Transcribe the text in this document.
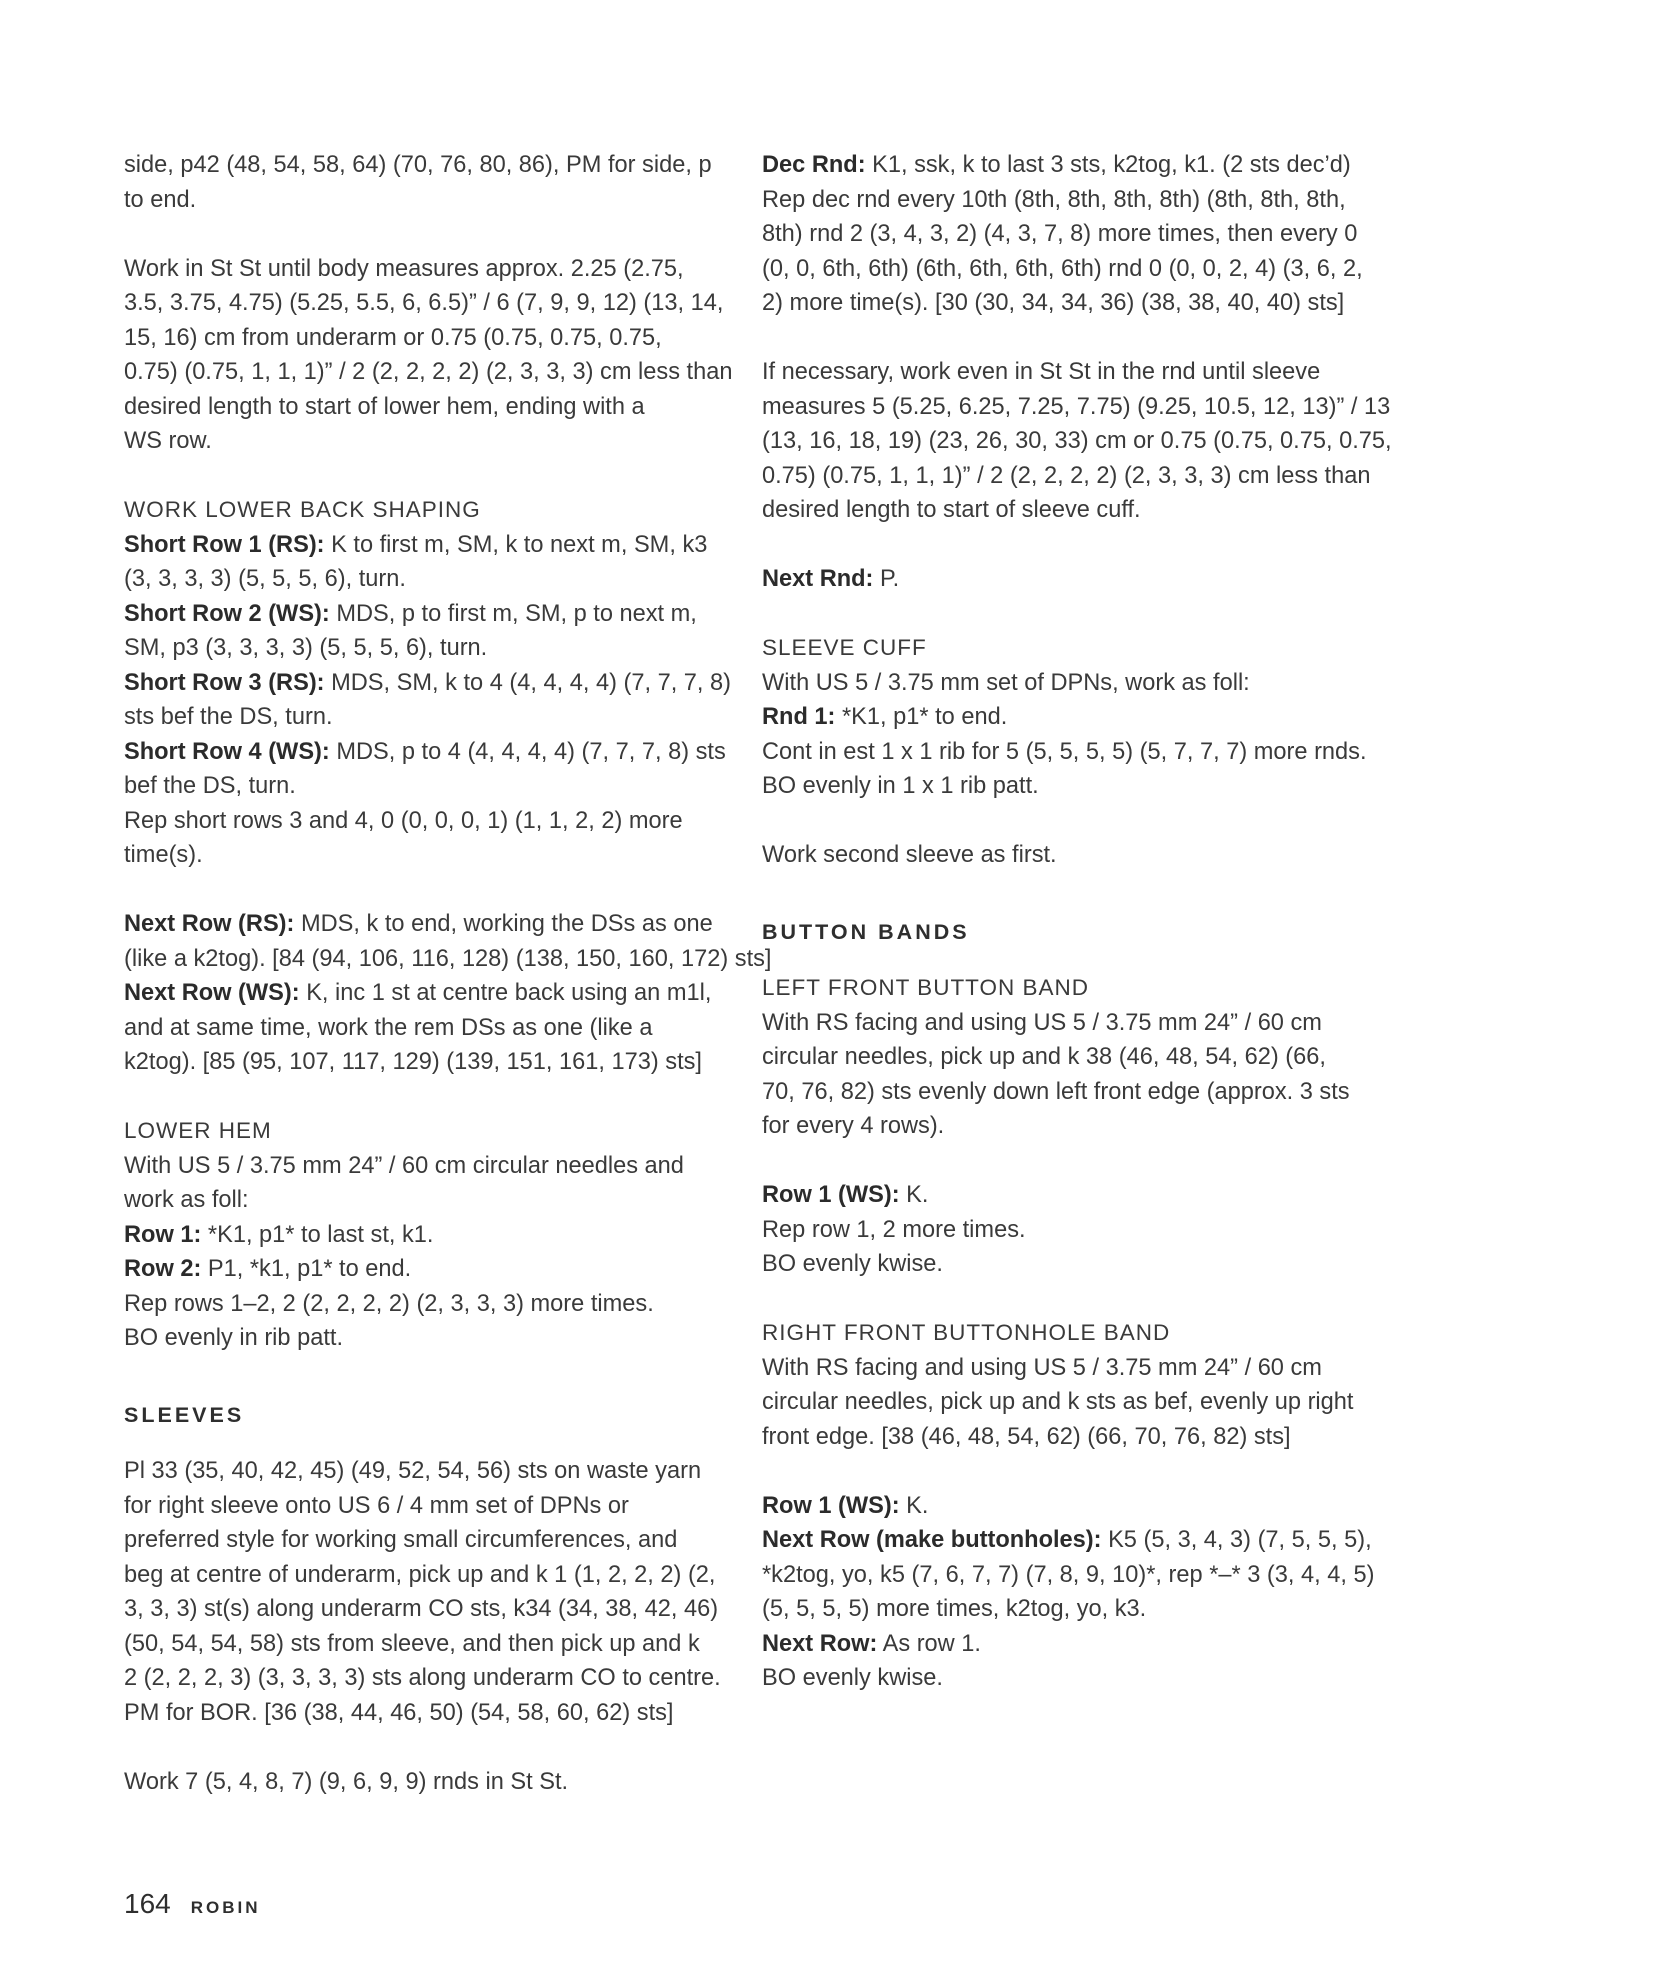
side, p42 (48, 54, 58, 64) (70, 76, 80, 86), PM for side, p
to end.
Work in St St until body measures approx. 2.25 (2.75,
3.5, 3.75, 4.75) (5.25, 5.5, 6, 6.5)” / 6 (7, 9, 9, 12) (13, 14,
15, 16) cm from underarm or 0.75 (0.75, 0.75, 0.75,
0.75) (0.75, 1, 1, 1)” / 2 (2, 2, 2, 2) (2, 3, 3, 3) cm less than
desired length to start of lower hem, ending with a
WS row.
WORK LOWER BACK SHAPING
Short Row 1 (RS): K to first m, SM, k to next m, SM, k3
(3, 3, 3, 3) (5, 5, 5, 6), turn.
Short Row 2 (WS): MDS, p to first m, SM, p to next m,
SM, p3 (3, 3, 3, 3) (5, 5, 5, 6), turn.
Short Row 3 (RS): MDS, SM, k to 4 (4, 4, 4, 4) (7, 7, 7, 8)
sts bef the DS, turn.
Short Row 4 (WS): MDS, p to 4 (4, 4, 4, 4) (7, 7, 7, 8) sts
bef the DS, turn.
Rep short rows 3 and 4, 0 (0, 0, 0, 1) (1, 1, 2, 2) more
time(s).
Next Row (RS): MDS, k to end, working the DSs as one
(like a k2tog). [84 (94, 106, 116, 128) (138, 150, 160, 172) sts]
Next Row (WS): K, inc 1 st at centre back using an m1l,
and at same time, work the rem DSs as one (like a
k2tog). [85 (95, 107, 117, 129) (139, 151, 161, 173) sts]
LOWER HEM
With US 5 / 3.75 mm 24” / 60 cm circular needles and
work as foll:
Row 1: *K1, p1* to last st, k1.
Row 2: P1, *k1, p1* to end.
Rep rows 1–2, 2 (2, 2, 2, 2) (2, 3, 3, 3) more times.
BO evenly in rib patt.
SLEEVES
Pl 33 (35, 40, 42, 45) (49, 52, 54, 56) sts on waste yarn
for right sleeve onto US 6 / 4 mm set of DPNs or
preferred style for working small circumferences, and
beg at centre of underarm, pick up and k 1 (1, 2, 2, 2) (2,
3, 3, 3) st(s) along underarm CO sts, k34 (34, 38, 42, 46)
(50, 54, 54, 58) sts from sleeve, and then pick up and k
2 (2, 2, 2, 3) (3, 3, 3, 3) sts along underarm CO to centre.
PM for BOR. [36 (38, 44, 46, 50) (54, 58, 60, 62) sts]
Work 7 (5, 4, 8, 7) (9, 6, 9, 9) rnds in St St.
Dec Rnd: K1, ssk, k to last 3 sts, k2tog, k1. (2 sts dec’d)
Rep dec rnd every 10th (8th, 8th, 8th, 8th) (8th, 8th, 8th,
8th) rnd 2 (3, 4, 3, 2) (4, 3, 7, 8) more times, then every 0
(0, 0, 6th, 6th) (6th, 6th, 6th, 6th) rnd 0 (0, 0, 2, 4) (3, 6, 2,
2) more time(s). [30 (30, 34, 34, 36) (38, 38, 40, 40) sts]
If necessary, work even in St St in the rnd until sleeve
measures 5 (5.25, 6.25, 7.25, 7.75) (9.25, 10.5, 12, 13)” / 13
(13, 16, 18, 19) (23, 26, 30, 33) cm or 0.75 (0.75, 0.75, 0.75,
0.75) (0.75, 1, 1, 1)” / 2 (2, 2, 2, 2) (2, 3, 3, 3) cm less than
desired length to start of sleeve cuff.
Next Rnd: P.
SLEEVE CUFF
With US 5 / 3.75 mm set of DPNs, work as foll:
Rnd 1: *K1, p1* to end.
Cont in est 1 x 1 rib for 5 (5, 5, 5, 5) (5, 7, 7, 7) more rnds.
BO evenly in 1 x 1 rib patt.
Work second sleeve as first.
BUTTON BANDS
LEFT FRONT BUTTON BAND
With RS facing and using US 5 / 3.75 mm 24” / 60 cm
circular needles, pick up and k 38 (46, 48, 54, 62) (66,
70, 76, 82) sts evenly down left front edge (approx. 3 sts
for every 4 rows).
Row 1 (WS): K.
Rep row 1, 2 more times.
BO evenly kwise.
RIGHT FRONT BUTTONHOLE BAND
With RS facing and using US 5 / 3.75 mm 24” / 60 cm
circular needles, pick up and k sts as bef, evenly up right
front edge. [38 (46, 48, 54, 62) (66, 70, 76, 82) sts]
Row 1 (WS): K.
Next Row (make buttonholes): K5 (5, 3, 4, 3) (7, 5, 5, 5),
*k2tog, yo, k5 (7, 6, 7, 7) (7, 8, 9, 10)*, rep *–* 3 (3, 4, 4, 5)
(5, 5, 5, 5) more times, k2tog, yo, k3.
Next Row: As row 1.
BO evenly kwise.
164 ROBIN
